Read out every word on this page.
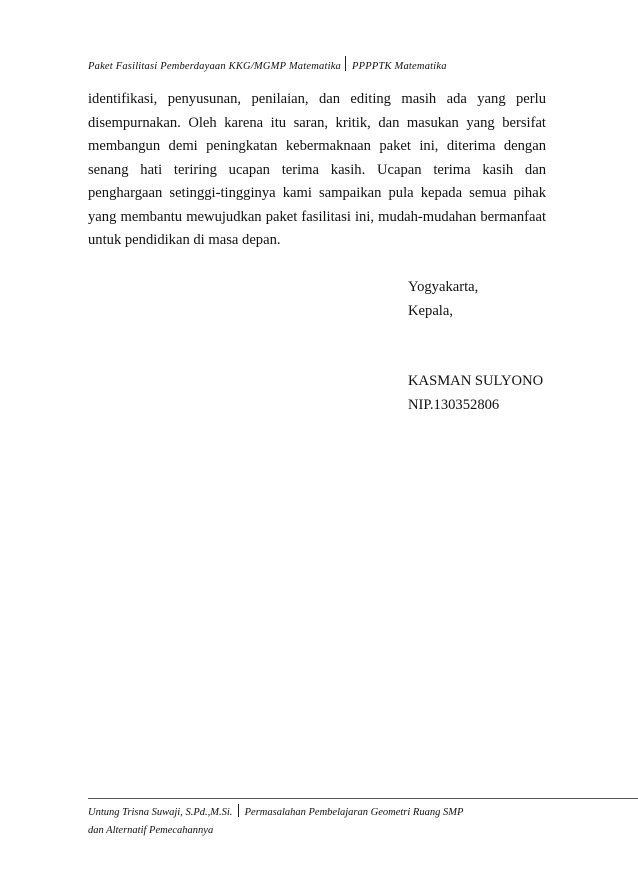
Paket Fasilitasi Pemberdayaan KKG/MGMP Matematika PPPPTK Matematika
identifikasi, penyusunan, penilaian, dan editing masih ada yang perlu disempurnakan. Oleh karena itu saran, kritik, dan masukan yang bersifat membangun demi peningkatan kebermaknaan paket ini, diterima dengan senang hati teriring ucapan terima kasih. Ucapan terima kasih dan penghargaan setinggi-tingginya kami sampaikan pula kepada semua pihak yang membantu mewujudkan paket fasilitasi ini, mudah-mudahan bermanfaat untuk pendidikan di masa depan.
Yogyakarta,
Kepala,
KASMAN SULYONO
NIP.130352806
Untung Trisna Suwaji, S.Pd.,M.Si. Permasalahan Pembelajaran Geometri Ruang SMP
dan Alternatif Pemecahannya
